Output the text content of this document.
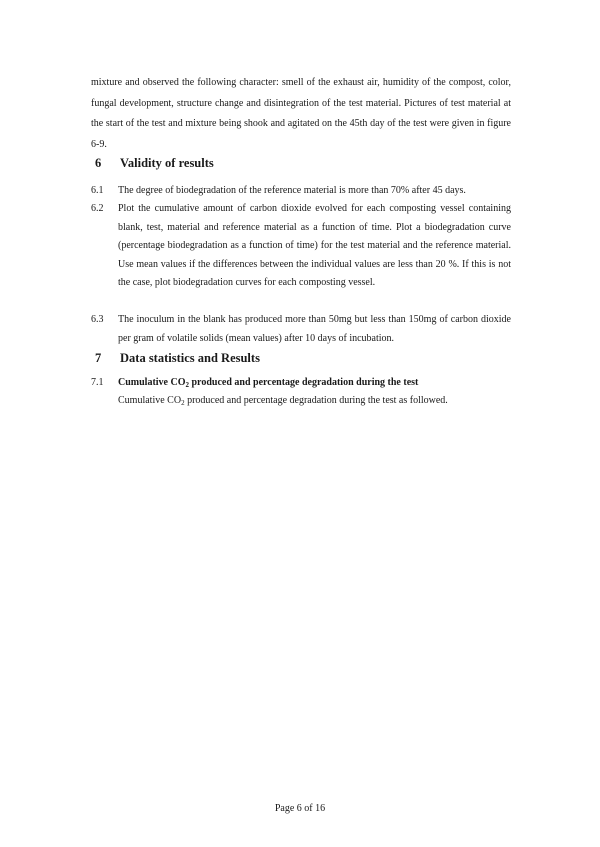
mixture and observed the following character: smell of the exhaust air, humidity of the compost, color, fungal development, structure change and disintegration of the test material. Pictures of test material at the start of the test and mixture being shook and agitated on the 45th day of the test were given in figure 6-9.

6 Validity of results
6.1	The degree of biodegradation of the reference material is more than 70% after 45 days.
6.2	Plot the cumulative amount of carbon dioxide evolved for each composting vessel containing blank, test, material and reference material as a function of time. Plot a biodegradation curve (percentage biodegradation as a function of time) for the test material and the reference material. Use mean values if the differences between the individual values are less than 20 %. If this is not the case, plot biodegradation curves for each composting vessel.
6.3	The inoculum in the blank has produced more than 50mg but less than 150mg of carbon dioxide per gram of volatile solids (mean values) after 10 days of incubation.
7 Data statistics and Results
7.1 Cumulative $CO_2$ produced and percentage degradation during the test
Cumulative $CO_2$ produced and percentage degradation during the test as followed.
Page 6 of 16
